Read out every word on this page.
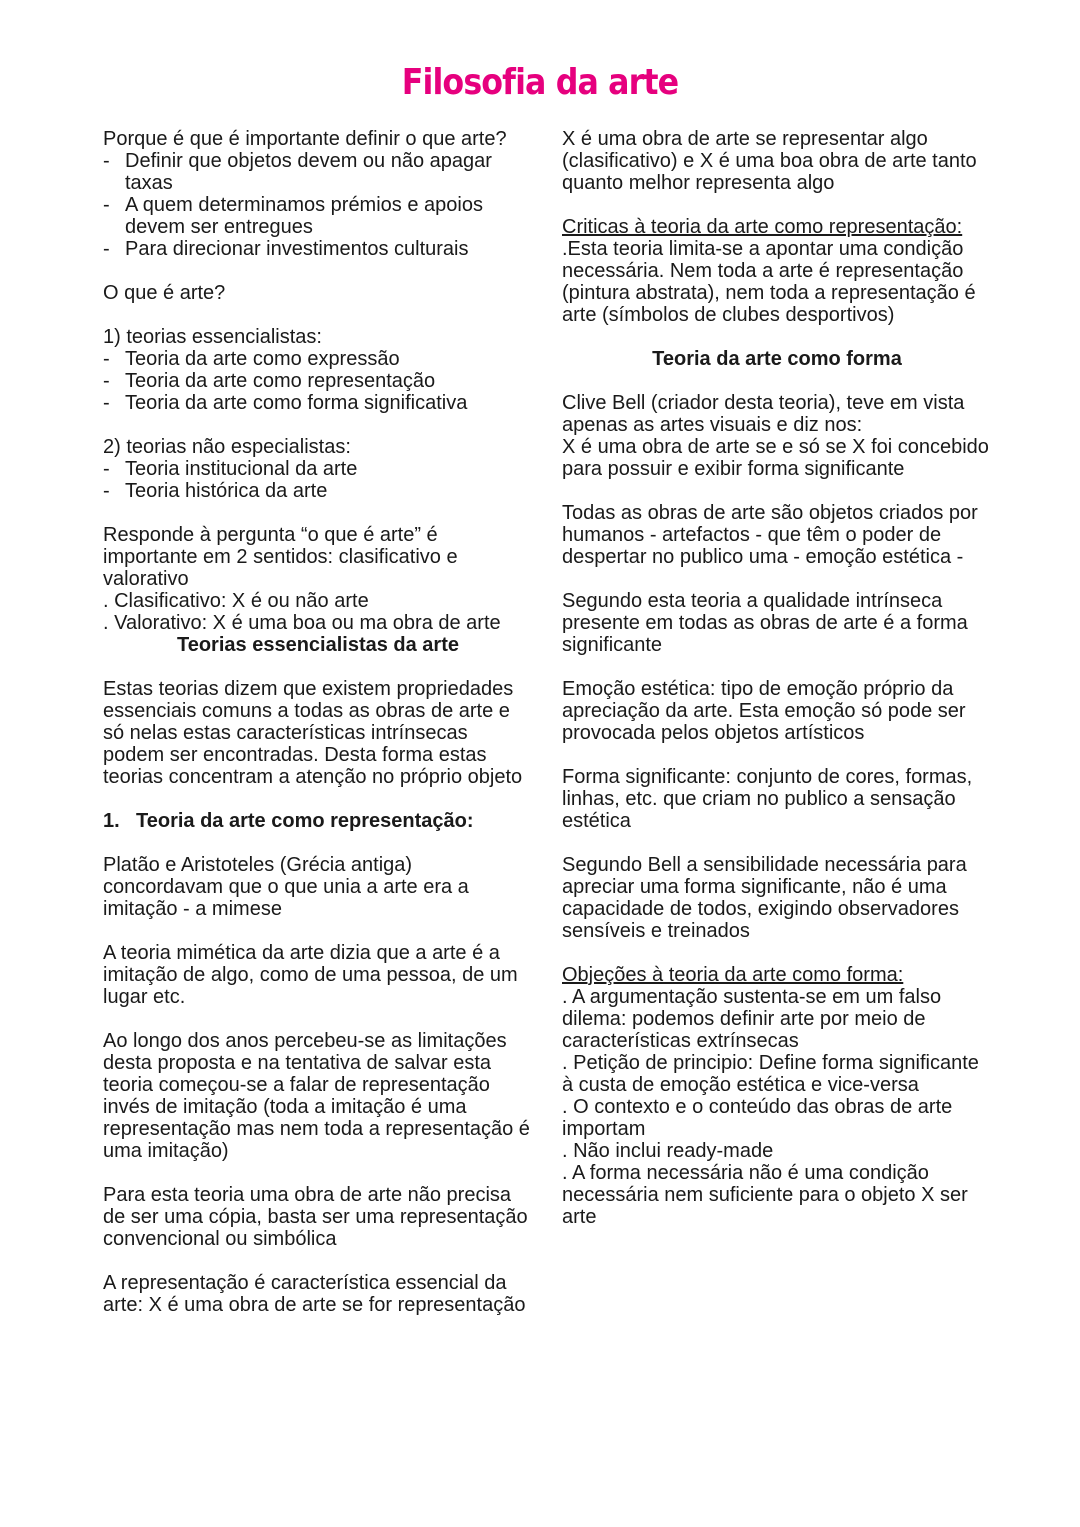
Filosofia da arte

Porque é que é importante definir o que arte?

- Definir que objetos devem ou não apagar taxas
- A quem determinamos prémios e apoios devem ser entregues
- Para direcionar investimentos culturais

O que é arte?

1) teorias essencialistas:

- Teoria da arte como expressão
- Teoria da arte como representação
- Teoria da arte como forma significativa

2) teorias não especialistas:

- Teoria institucional da arte
- Teoria histórica da arte

Responde à pergunta “o que é arte” é importante em 2 sentidos: clasificativo e valorativo

. Clasificativo: X é ou não arte

. Valorativo: X é uma boa ou ma obra de arte

Teorias essencialistas da arte

Estas teorias dizem que existem propriedades essenciais comuns a todas as obras de arte e só nelas estas características intrínsecas podem ser encontradas. Desta forma estas teorias concentram a atenção no próprio objeto

1. Teoria da arte como representação:

Platão e Aristoteles (Grécia antiga) concordavam que o que unia a arte era a imitação - a mimese

A teoria mimética da arte dizia que a arte é a imitação de algo, como de uma pessoa, de um lugar etc.

Ao longo dos anos percebeu-se as limitações desta proposta e na tentativa de salvar esta teoria começou-se a falar de representação invés de imitação (toda a imitação é uma representação mas nem toda a representação é uma imitação)

Para esta teoria uma obra de arte não precisa de ser uma cópia, basta ser uma representação convencional ou simbólica

A representação é característica essencial da arte: X é uma obra de arte se for representação

X é uma obra de arte se representar algo (clasificativo) e X é uma boa obra de arte tanto quanto melhor representa algo

Criticas à teoria da arte como representação:

.Esta teoria limita-se a apontar uma condição necessária. Nem toda a arte é representação (pintura abstrata), nem toda a representação é arte (símbolos de clubes desportivos)

Teoria da arte como forma

Clive Bell (criador desta teoria), teve em vista apenas as artes visuais e diz nos:

X é uma obra de arte se e só se X foi concebido para possuir e exibir forma significante

Todas as obras de arte são objetos criados por humanos - artefactos - que têm o poder de despertar no publico uma - emoção estética -

Segundo esta teoria a qualidade intrínseca presente em todas as obras de arte é a forma significante

Emoção estética: tipo de emoção próprio da apreciação da arte. Esta emoção só pode ser provocada pelos objetos artísticos

Forma significante: conjunto de cores, formas, linhas, etc. que criam no publico a sensação estética

Segundo Bell a sensibilidade necessária para apreciar uma forma significante, não é uma capacidade de todos, exigindo observadores sensíveis e treinados

Objeções à teoria da arte como forma:

. A argumentação sustenta-se em um falso dilema: podemos definir arte por meio de características extrínsecas

. Petição de principio: Define forma significante à custa de emoção estética e vice-versa

. O contexto e o conteúdo das obras de arte importam

. Não inclui ready-made

. A forma necessária não é uma condição necessária nem suficiente para o objeto X ser arte
